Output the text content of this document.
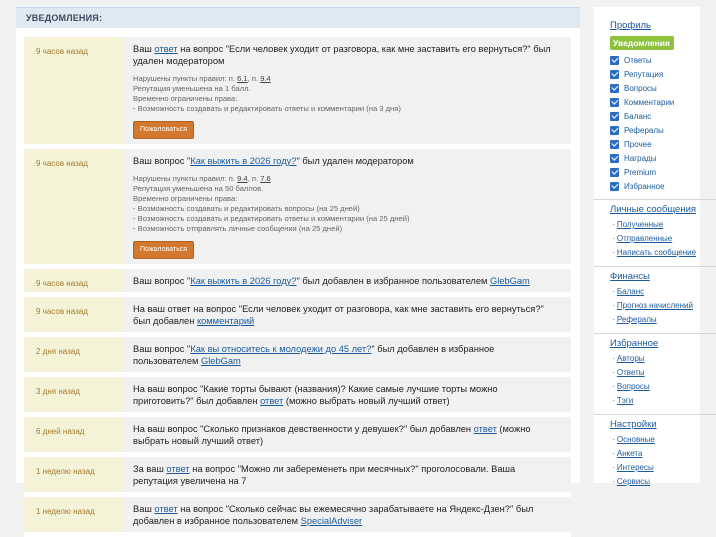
УВЕДОМЛЕНИЯ:
9 часов назад	Ваш ответ на вопрос "Если человек уходит от разговора, как мне заставить его вернуться?" был удален модератором
Нарушены пункты правил: п. 6.1, п. 9.4
Репутация уменьшена на 1 балл.
Временно ограничены права:
- Возможность создавать и редактировать ответы и комментарии (на 3 дня)
Пожаловаться
9 часов назад	Ваш вопрос "Как выжить в 2026 году?" был удален модератором
Нарушены пункты правил: п. 9.4, п. 7.6
Репутация уменьшена на 50 баллов.
Временно ограничены права:
- Возможность создавать и редактировать вопросы (на 25 дней)
- Возможность создавать и редактировать ответы и комментарии (на 25 дней)
- Возможность отправлять личные сообщения (на 25 дней)
Пожаловаться
9 часов назад	Ваш вопрос "Как выжить в 2026 году?" был добавлен в избранное пользователем GlebGam
9 часов назад	На ваш ответ на вопрос "Если человек уходит от разговора, как мне заставить его вернуться?" был добавлен комментарий
2 дня назад	Ваш вопрос "Как вы относитесь к молодежи до 45 лет?" был добавлен в избранное пользователем GlebGam
3 дня назад	На ваш вопрос "Какие торты бывают (названия)? Какие самые лучшие торты можно приготовить?" был добавлен ответ (можно выбрать новый лучший ответ)
6 дней назад	На ваш вопрос "Сколько признаков девственности у девушек?" был добавлен ответ (можно выбрать новый лучший ответ)
1 неделю назад	За ваш ответ на вопрос "Можно ли забеременеть при месячных?" проголосовали. Ваша репутация увеличена на 7
1 неделю назад	Ваш ответ на вопрос "Сколько сейчас вы ежемесячно зарабатываете на Яндекс-Дзен?" был добавлен в избранное пользователем SpecialAdviser
Профиль
Уведомления
Ответы
Репутация
Вопросы
Комментарии
Баланс
Рефералы
Прочее
Награды
Premium
Избранное
Личные сообщения
· Полученные
· Отправленные
· Написать сообщение
Финансы
· Баланс
· Прогноз начислений
· Рефералы
Избранное
· Авторы
· Ответы
· Вопросы
· Тэги
Настройки
· Основные
· Анкета
· Интересы
· Сервисы
